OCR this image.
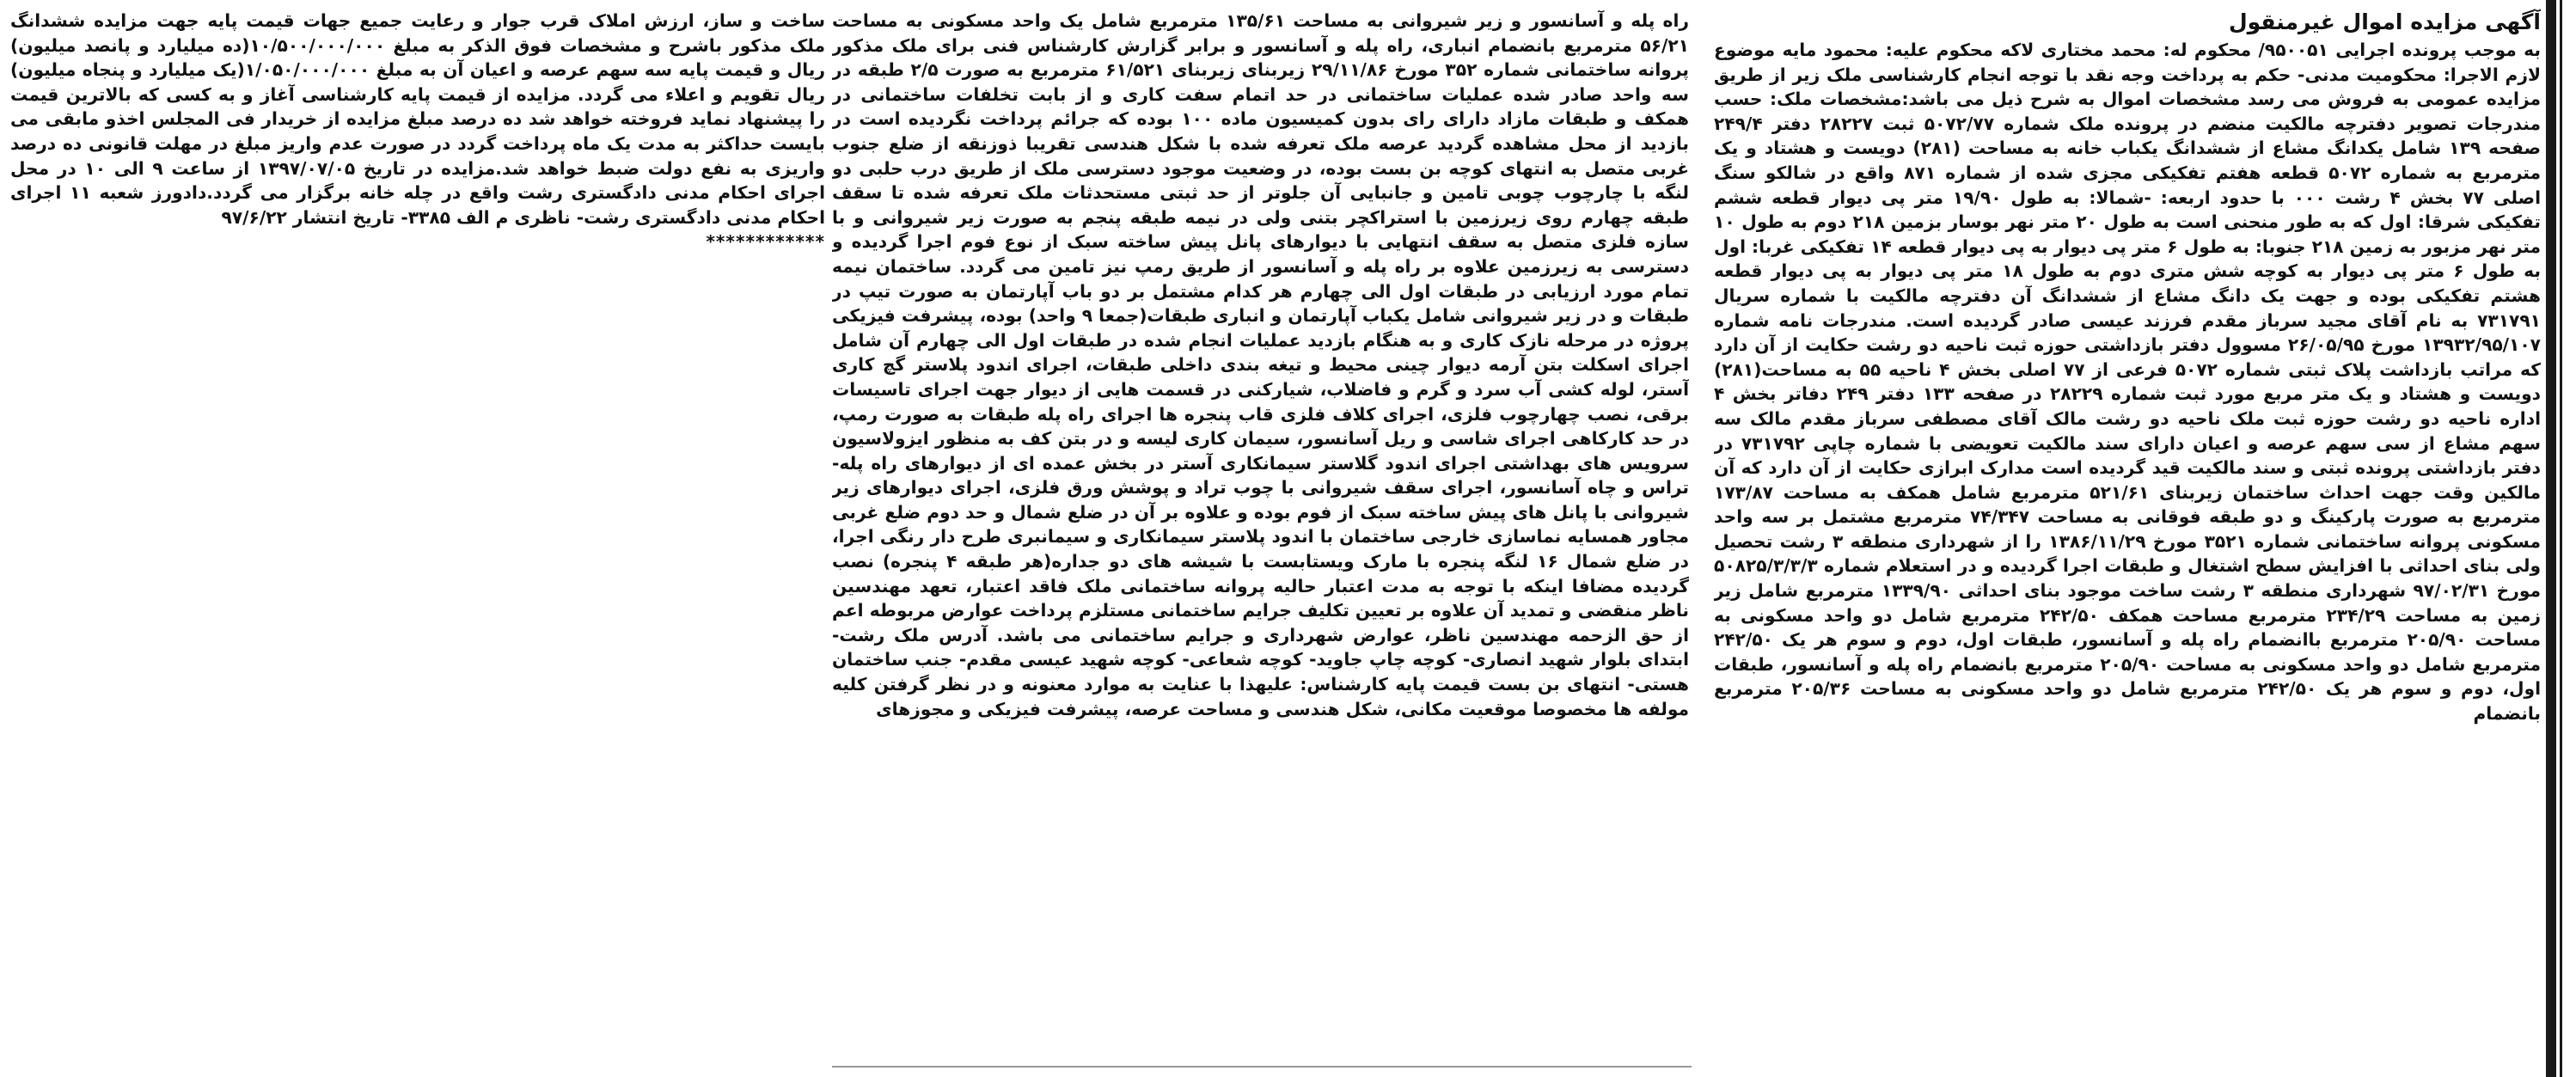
آگهی مزایده اموال غیرمنقول

به موجب پرونده اجرایی ۹۵۰۰۵۱/ محکوم له: محمد مختاری لاکه محکوم علیه: محمود مایه موضوع لازم الاجرا: محکومیت مدنی- حکم به پرداخت وجه نقد با توجه انجام کارشناسی ملک زیر از طریق مزایده عمومی به فروش می رسد مشخصات اموال به شرح ذیل می باشد:مشخصات ملک: حسب مندرجات تصویر دفترچه مالکیت منضم در پرونده ملک شماره ۵۰۷۲/۷۷ ثبت ۲۸۲۲۷ دفتر ۲۴۹/۴ صفحه ۱۳۹ شامل یکدانگ مشاع از ششدانگ یکباب خانه به مساحت (۲۸۱) دویست و هشتاد و یک مترمربع به شماره ۵۰۷۲ قطعه هفتم تفکیکی مجزی شده از شماره ۸۷۱ واقع در شالکو سنگ اصلی ۷۷ بخش ۴ رشت ۰۰۰ با حدود اربعه: -شمالا: به طول ۱۹/۹۰ متر پی دیوار قطعه ششم تفکیکی شرقا: اول که به طور منحنی است به طول ۲۰ متر نهر بوسار بزمین ۲۱۸ دوم به طول ۱۰ متر نهر مزبور به زمین ۲۱۸ جنوبا: به طول ۶ متر پی دیوار به پی دیوار قطعه ۱۴ تفکیکی غربا: اول به طول ۶ متر پی دیوار به کوچه شش متری دوم به طول ۱۸ متر پی دیوار به پی دیوار قطعه هشتم تفکیکی بوده و جهت یک دانگ مشاع از ششدانگ آن دفترچه مالکیت با شماره سریال ۷۳۱۷۹۱ به نام آقای مجید سرباز مقدم فرزند عیسی صادر گردیده است. مندرجات نامه شماره ۱۳۹۳۲/۹۵/۱۰۷ مورخ ۲۶/۰۵/۹۵ مسوول دفتر بازداشتی حوزه ثبت ناحیه دو رشت حکایت از آن دارد که مراتب بازداشت پلاک ثبتی شماره ۵۰۷۲ فرعی از ۷۷ اصلی بخش ۴ ناحیه ۵۵ به مساحت(۲۸۱) دویست و هشتاد و یک متر مربع مورد ثبت شماره ۲۸۲۲۹ در صفحه ۱۳۳ دفتر ۲۴۹ دفاتر بخش ۴ اداره ناحیه دو رشت حوزه ثبت ملک ناحیه دو رشت مالک آقای مصطفی سرباز مقدم مالک سه سهم مشاع از سی سهم عرصه و اعیان دارای سند مالکیت تعویضی با شماره چاپی ۷۳۱۷۹۲ در دفتر بازداشتی پرونده ثبتی و سند مالکیت قید گردیده است مدارک ابرازی حکایت از آن دارد که آن مالکین وقت جهت احداث ساختمان زیربنای ۵۲۱/۶۱ مترمربع شامل همکف به مساحت ۱۷۳/۸۷ مترمربع به صورت پارکینگ و دو طبقه فوقانی به مساحت ۷۴/۳۴۷ مترمربع مشتمل بر سه واحد مسکونی پروانه ساختمانی شماره ۳۵۲۱ مورخ ۱۳۸۶/۱۱/۲۹ را از شهرداری منطقه ۳ رشت تحصیل ولی بنای احداثی با افزایش سطح اشتغال و طبقات اجرا گردیده و در استعلام شماره ۵۰۸۲۵/۳/۳/۳ مورخ ۹۷/۰۲/۳۱ شهرداری منطقه ۳ رشت ساخت موجود بنای احداثی ۱۳۳۹/۹۰ مترمربع شامل زیر زمین به مساحت ۲۳۴/۲۹ مترمربع مساحت همکف ۲۴۲/۵۰ مترمربع شامل دو واحد مسکونی به مساحت ۲۰۵/۹۰ مترمربع باانضمام راه پله و آسانسور، طبقات اول، دوم و سوم هر یک ۲۴۲/۵۰ مترمربع شامل دو واحد مسکونی به مساحت ۲۰۵/۹۰ مترمربع بانضمام راه پله و آسانسور، طبقات اول، دوم و سوم هر یک ۲۴۲/۵۰ مترمربع شامل دو واحد مسکونی به مساحت ۲۰۵/۳۶ مترمربع بانضمام

راه پله و آسانسور و زیر شیروانی به مساحت ۱۳۵/۶۱ مترمربع شامل یک واحد مسکونی به مساحت ۵۶/۲۱ مترمربع بانضمام انباری، راه پله و آسانسور و برابر گزارش کارشناس فنی برای ملک مذکور پروانه ساختمانی شماره ۳۵۲ مورخ ۲۹/۱۱/۸۶ زیربنای زیربنای ۶۱/۵۲۱ مترمربع به صورت ۲/۵ طبقه در سه واحد صادر شده عملیات ساختمانی در حد اتمام سفت کاری و از بابت تخلفات ساختمانی در همکف و طبقات مازاد دارای رای بدون کمیسیون ماده ۱۰۰ بوده که جرائم پرداخت نگردیده است در بازدید از محل مشاهده گردید عرصه ملک تعرفه شده با شکل هندسی تقریبا ذوزنقه از ضلع جنوب غربی متصل به انتهای کوچه بن بست بوده، در وضعیت موجود دسترسی ملک از طریق درب حلبی دو لنگه با چارچوب چوبی تامین و جانبایی آن جلوتر از حد ثبتی مستحدثات ملک تعرفه شده تا سقف طبقه چهارم روی زیرزمین با استراکچر بتنی ولی در نیمه طبقه پنجم به صورت زیر شیروانی و با سازه فلزی متصل به سقف انتهایی با دیوارهای پانل پیش ساخته سبک از نوع فوم اجرا گردیده و دسترسی به زیرزمین علاوه بر راه پله و آسانسور از طریق رمپ نیز تامین می گردد. ساختمان نیمه تمام مورد ارزیابی در طبقات اول الی چهارم هر کدام مشتمل بر دو باب آپارتمان به صورت تیپ در طبقات و در زیر شیروانی شامل یکباب آپارتمان و انباری طبقات(جمعا ۹ واحد) بوده، پیشرفت فیزیکی پروژه در مرحله نازک کاری و به هنگام بازدید عملیات انجام شده در طبقات اول الی چهارم آن شامل اجرای اسکلت بتن آرمه دیوار چینی محیط و تیغه بندی داخلی طبقات، اجرای اندود پلاستر گچ کاری آستر، لوله کشی آب سرد و گرم و فاضلاب، شیارکنی در قسمت هایی از دیوار جهت اجرای تاسیسات برقی، نصب چهارچوب فلزی، اجرای کلاف فلزی قاب پنجره ها اجرای راه پله طبقات به صورت رمپ، در حد کارکاهی اجرای شاسی و ریل آسانسور، سیمان کاری لیسه و در بتن کف به منظور ایزولاسیون سرویس های بهداشتی اجرای اندود گلاستر سیمانکاری آستر در بخش عمده ای از دیوارهای راه پله- تراس و چاه آسانسور، اجرای سقف شیروانی با چوب تراد و پوشش ورق فلزی، اجرای دیوارهای زیر شیروانی با پانل های پیش ساخته سبک از فوم بوده و علاوه بر آن در ضلع شمال و حد دوم ضلع غربی مجاور همسایه نماسازی خارجی ساختمان با اندود پلاستر سیمانکاری و سیمانبری طرح دار رنگی اجرا، در ضلع شمال ۱۶ لنگه پنجره با مارک ویستابست با شیشه های دو جداره(هر طبقه ۴ پنجره) نصب گردیده مضافا اینکه با توجه به مدت اعتبار حالیه پروانه ساختمانی ملک فاقد اعتبار، تعهد مهندسین ناظر منقضی و تمدید آن علاوه بر تعیین تکلیف جرایم ساختمانی مستلزم پرداخت عوارض مربوطه اعم از حق الزحمه مهندسین ناظر، عوارض شهرداری و جرایم ساختمانی می باشد. آدرس ملک رشت- ابتدای بلوار شهید انصاری- کوچه چاپ جاوید- کوچه شعاعی- کوچه شهید عیسی مقدم- جنب ساختمان هستی- انتهای بن بست قیمت پایه کارشناس: علیهذا با عنایت به موارد معنونه و در نظر گرفتن کلیه مولفه ها مخصوصا موقعیت مکانی، شکل هندسی و مساحت عرصه، پیشرفت فیزیکی و مجوزهای

ساخت و ساز، ارزش املاک قرب جوار و رعایت جمیع جهات قیمت پایه جهت مزایده ششدانگ ملک مذکور باشرح و مشخصات فوق الذکر به مبلغ ۱۰/۵۰۰/۰۰۰/۰۰۰(ده میلیارد و پانصد میلیون) ریال و قیمت پایه سه سهم عرصه و اعیان آن به مبلغ ۱/۰۵۰/۰۰۰/۰۰۰(یک میلیارد و پنجاه میلیون) ریال تقویم و اعلاء می گردد. مزایده از قیمت پایه کارشناسی آغاز و به کسی که بالاترین قیمت را پیشنهاد نماید فروخته خواهد شد ده درصد مبلغ مزایده از خریدار فی المجلس اخذو مابقی می بایست حداکثر به مدت یک ماه پرداخت گردد در صورت عدم واریز مبلغ در مهلت قانونی ده درصد واریزی به نفع دولت ضبط خواهد شد.مزایده در تاریخ ۱۳۹۷/۰۷/۰۵ از ساعت ۹ الی ۱۰ در محل اجرای احکام مدنی دادگستری رشت واقع در چله خانه برگزار می گردد.دادورز شعبه ۱۱ اجرای احکام مدنی دادگستری رشت- ناظری م الف ۳۳۸۵- تاریخ انتشار ۹۷/۶/۲۲

************
